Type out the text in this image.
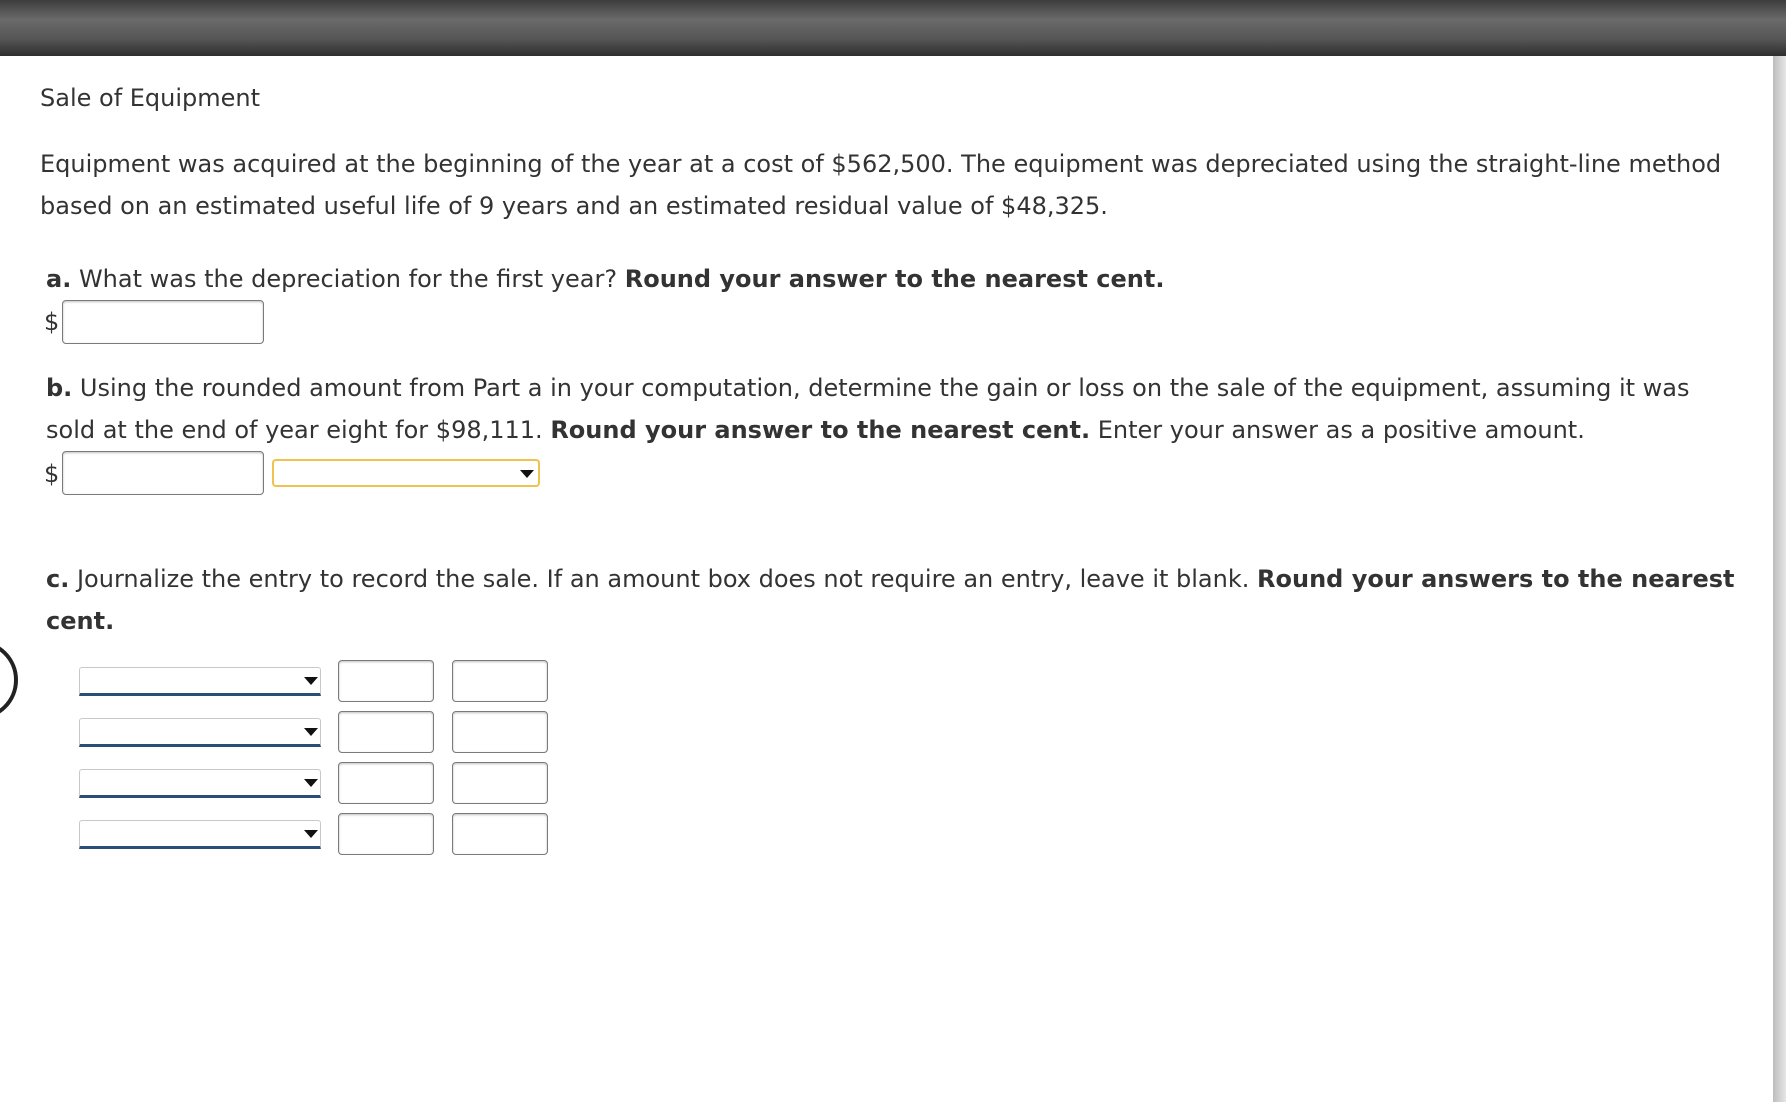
Sale of Equipment
Equipment was acquired at the beginning of the year at a cost of $562,500. The equipment was depreciated using the straight-line method
based on an estimated useful life of 9 years and an estimated residual value of $48,325.
a. What was the depreciation for the first year? Round your answer to the nearest cent.
$
b. Using the rounded amount from Part a in your computation, determine the gain or loss on the sale of the equipment, assuming it was
sold at the end of year eight for $98,111. Round your answer to the nearest cent. Enter your answer as a positive amount.
$
c. Journalize the entry to record the sale. If an amount box does not require an entry, leave it blank. Round your answers to the nearest
cent.
